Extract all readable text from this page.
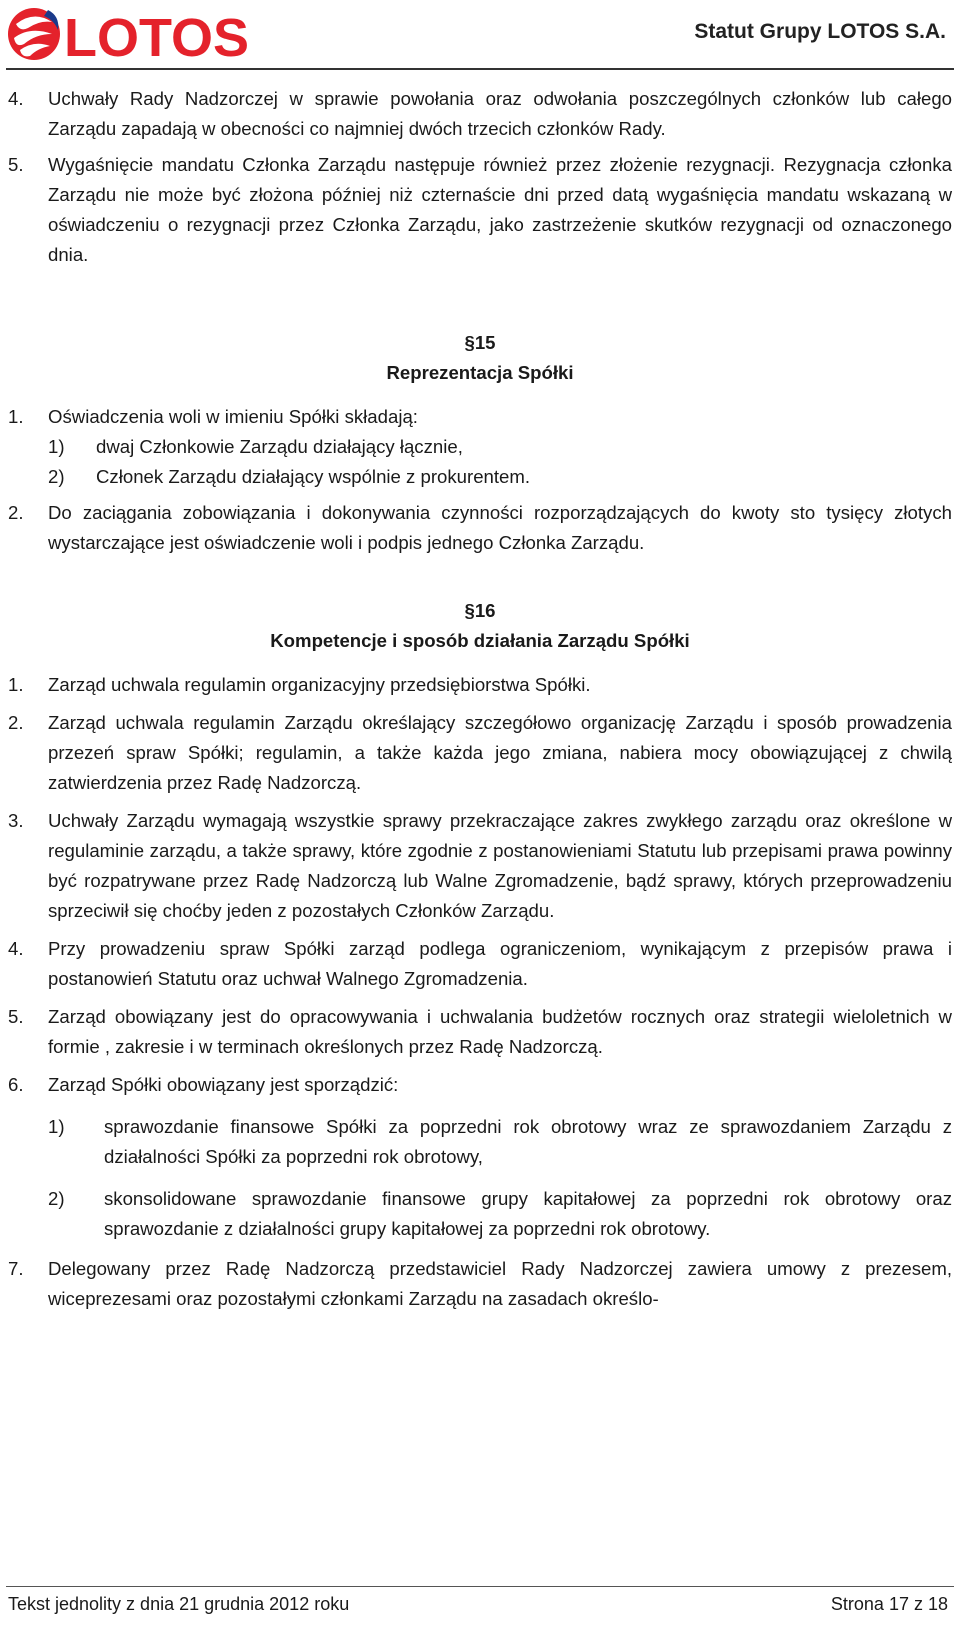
LOTOS	Statut Grupy LOTOS S.A.
4.	Uchwały Rady Nadzorczej w sprawie powołania oraz odwołania poszczególnych członków lub całego Zarządu zapadają w obecności co najmniej dwóch trzecich członków Rady.
5.	Wygaśnięcie mandatu Członka Zarządu następuje również przez złożenie rezygnacji. Rezygnacja członka Zarządu nie może być złożona później niż czternaście dni przed datą wygaśnięcia mandatu wskazaną w oświadczeniu o rezygnacji przez Członka Zarządu, jako zastrzeżenie skutków rezygnacji od oznaczonego dnia.
§15
Reprezentacja Spółki
1.	Oświadczenia woli w imieniu Spółki składają:
1)	dwaj Członkowie Zarządu działający łącznie,
2)	Członek Zarządu działający wspólnie z prokurentem.
2.	Do zaciągania zobowiązania i dokonywania czynności rozporządzających do kwoty sto tysięcy złotych wystarczające jest oświadczenie woli i podpis jednego Członka Zarządu.
§16
Kompetencje i sposób działania Zarządu Spółki
1.	Zarząd uchwala regulamin organizacyjny przedsiębiorstwa Spółki.
2.	Zarząd uchwala regulamin Zarządu określający szczegółowo organizację Zarządu i sposób prowadzenia przezeń spraw Spółki; regulamin, a także każda jego zmiana, nabiera mocy obowiązującej z chwilą zatwierdzenia przez Radę Nadzorczą.
3.	Uchwały Zarządu wymagają wszystkie sprawy przekraczające zakres zwykłego zarządu oraz określone w regulaminie zarządu, a także sprawy, które zgodnie z postanowieniami Statutu lub przepisami prawa powinny być rozpatrywane przez Radę Nadzorczą lub Walne Zgromadzenie, bądź sprawy, których przeprowadzeniu sprzeciwił się choćby jeden z pozostałych Członków Zarządu.
4.	Przy prowadzeniu spraw Spółki zarząd podlega ograniczeniom, wynikającym z przepisów prawa i postanowień Statutu oraz uchwał Walnego Zgromadzenia.
5.	Zarząd obowiązany jest do opracowywania i uchwalania budżetów rocznych oraz strategii wieloletnich w formie , zakresie i w terminach określonych przez Radę Nadzorczą.
6.	Zarząd Spółki obowiązany jest sporządzić:
1)	sprawozdanie finansowe Spółki za poprzedni rok obrotowy wraz ze sprawozdaniem Zarządu z działalności Spółki za poprzedni rok obrotowy,
2)	skonsolidowane sprawozdanie finansowe grupy kapitałowej za poprzedni rok obrotowy oraz sprawozdanie z działalności grupy kapitałowej za poprzedni rok obrotowy.
7.	Delegowany przez Radę Nadzorczą przedstawiciel Rady Nadzorczej zawiera umowy z prezesem, wiceprezesami oraz pozostałymi członkami Zarządu na zasadach określo-
Tekst jednolity z dnia 21 grudnia 2012 roku	Strona 17 z 18
